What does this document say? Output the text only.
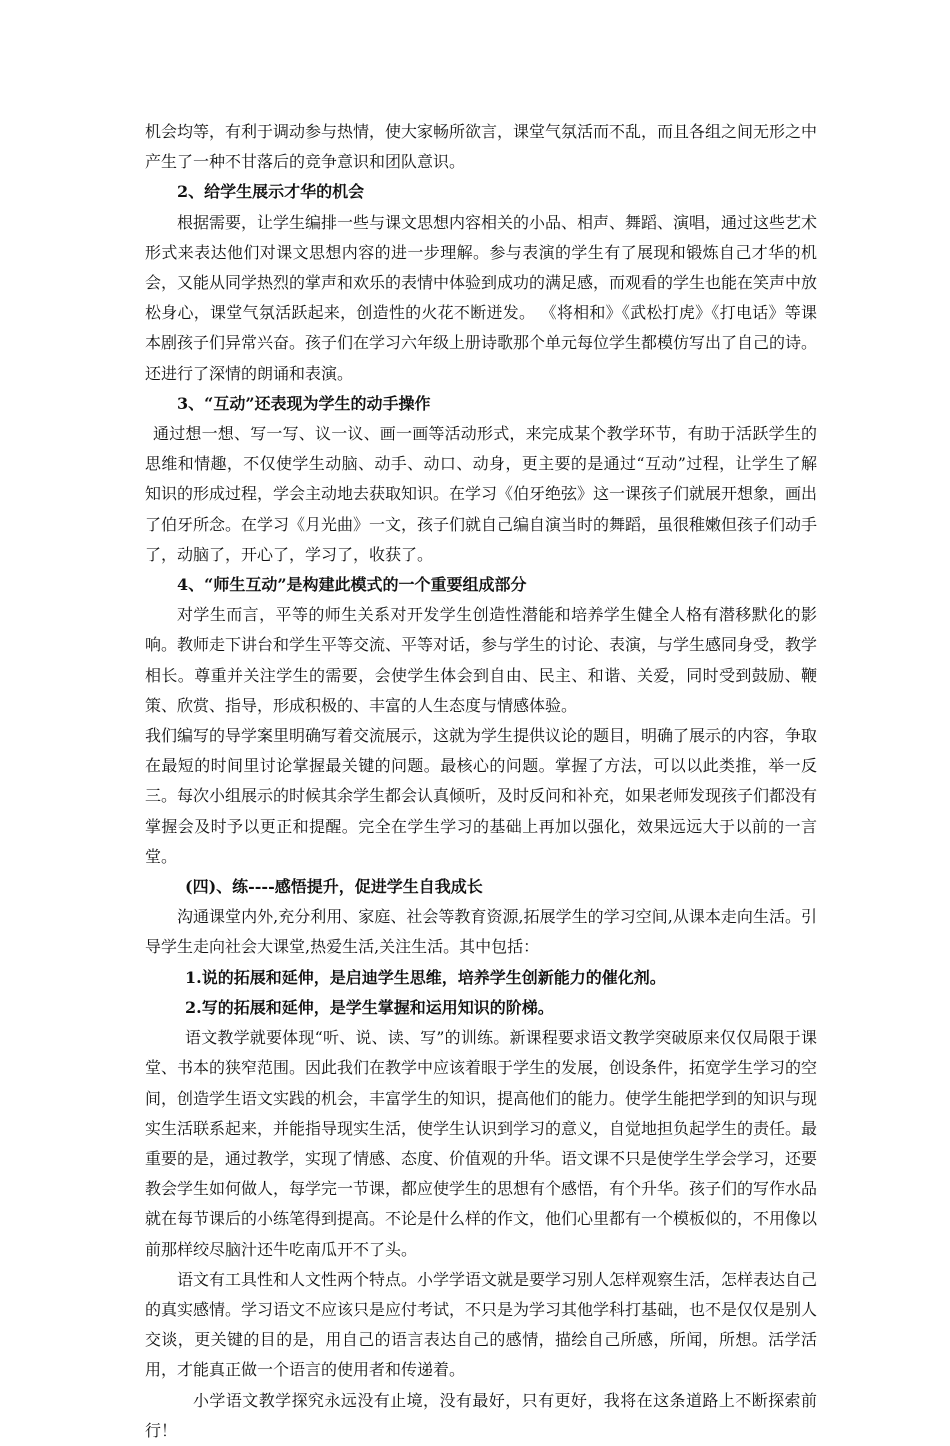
机会均等，有利于调动参与热情，使大家畅所欲言，课堂气氛活而不乱，而且各组之间无形之中产生了一种不甘落后的竞争意识和团队意识。

2、给学生展示才华的机会

根据需要，让学生编排一些与课文思想内容相关的小品、相声、舞蹈、演唱，通过这些艺术形式来表达他们对课文思想内容的进一步理解。参与表演的学生有了展现和锻炼自己才华的机会，又能从同学热烈的掌声和欢乐的表情中体验到成功的满足感，而观看的学生也能在笑声中放松身心，课堂气氛活跃起来，创造性的火花不断迸发。 《将相和》《武松打虎》《打电话》等课本剧孩子们异常兴奋。孩子们在学习六年级上册诗歌那个单元每位学生都模仿写出了自己的诗。还进行了深情的朗诵和表演。

3、“互动”还表现为学生的动手操作

通过想一想、写一写、议一议、画一画等活动形式，来完成某个教学环节，有助于活跃学生的思维和情趣，不仅使学生动脑、动手、动口、动身，更主要的是通过“互动”过程，让学生了解知识的形成过程，学会主动地去获取知识。在学习《伯牙绝弦》这一课孩子们就展开想象，画出了伯牙所念。在学习《月光曲》一文，孩子们就自己编自演当时的舞蹈，虽很稚嫩但孩子们动手了，动脑了，开心了，学习了，收获了。

4、“师生互动”是构建此模式的一个重要组成部分

对学生而言，平等的师生关系对开发学生创造性潜能和培养学生健全人格有潜移默化的影响。教师走下讲台和学生平等交流、平等对话，参与学生的讨论、表演，与学生感同身受，教学相长。尊重并关注学生的需要，会使学生体会到自由、民主、和谐、关爱，同时受到鼓励、鞭策、欣赏、指导，形成积极的、丰富的人生态度与情感体验。

我们编写的导学案里明确写着交流展示，这就为学生提供议论的题目，明确了展示的内容，争取在最短的时间里讨论掌握最关键的问题。最核心的问题。掌握了方法，可以以此类推，举一反三。每次小组展示的时候其余学生都会认真倾听，及时反问和补充，如果老师发现孩子们都没有掌握会及时予以更正和提醒。完全在学生学习的基础上再加以强化，效果远远大于以前的一言堂。

(四)、练----感悟提升，促进学生自我成长

沟通课堂内外,充分利用、家庭、社会等教育资源,拓展学生的学习空间,从课本走向生活。引导学生走向社会大课堂,热爱生活,关注生活。其中包括：

1.说的拓展和延伸，是启迪学生思维，培养学生创新能力的催化剂。

2.写的拓展和延伸，是学生掌握和运用知识的阶梯。

语文教学就要体现“听、说、读、写”的训练。新课程要求语文教学突破原来仅仅局限于课堂、书本的狭窄范围。因此我们在教学中应该着眼于学生的发展，创设条件，拓宽学生学习的空间，创造学生语文实践的机会，丰富学生的知识，提高他们的能力。使学生能把学到的知识与现实生活联系起来，并能指导现实生活，使学生认识到学习的意义，自觉地担负起学生的责任。最重要的是，通过教学，实现了情感、态度、价值观的升华。语文课不只是使学生学会学习，还要教会学生如何做人，每学完一节课，都应使学生的思想有个感悟，有个升华。孩子们的写作水品就在每节课后的小练笔得到提高。不论是什么样的作文，他们心里都有一个模板似的，不用像以前那样绞尽脑汁还牛吃南瓜开不了头。

语文有工具性和人文性两个特点。小学学语文就是要学习别人怎样观察生活，怎样表达自己的真实感情。学习语文不应该只是应付考试，不只是为学习其他学科打基础，也不是仅仅是别人交谈，更关键的目的是，用自己的语言表达自己的感情，描绘自己所感，所闻，所想。活学活用，才能真正做一个语言的使用者和传递着。

小学语文教学探究永远没有止境，没有最好，只有更好，我将在这条道路上不断探索前行！
